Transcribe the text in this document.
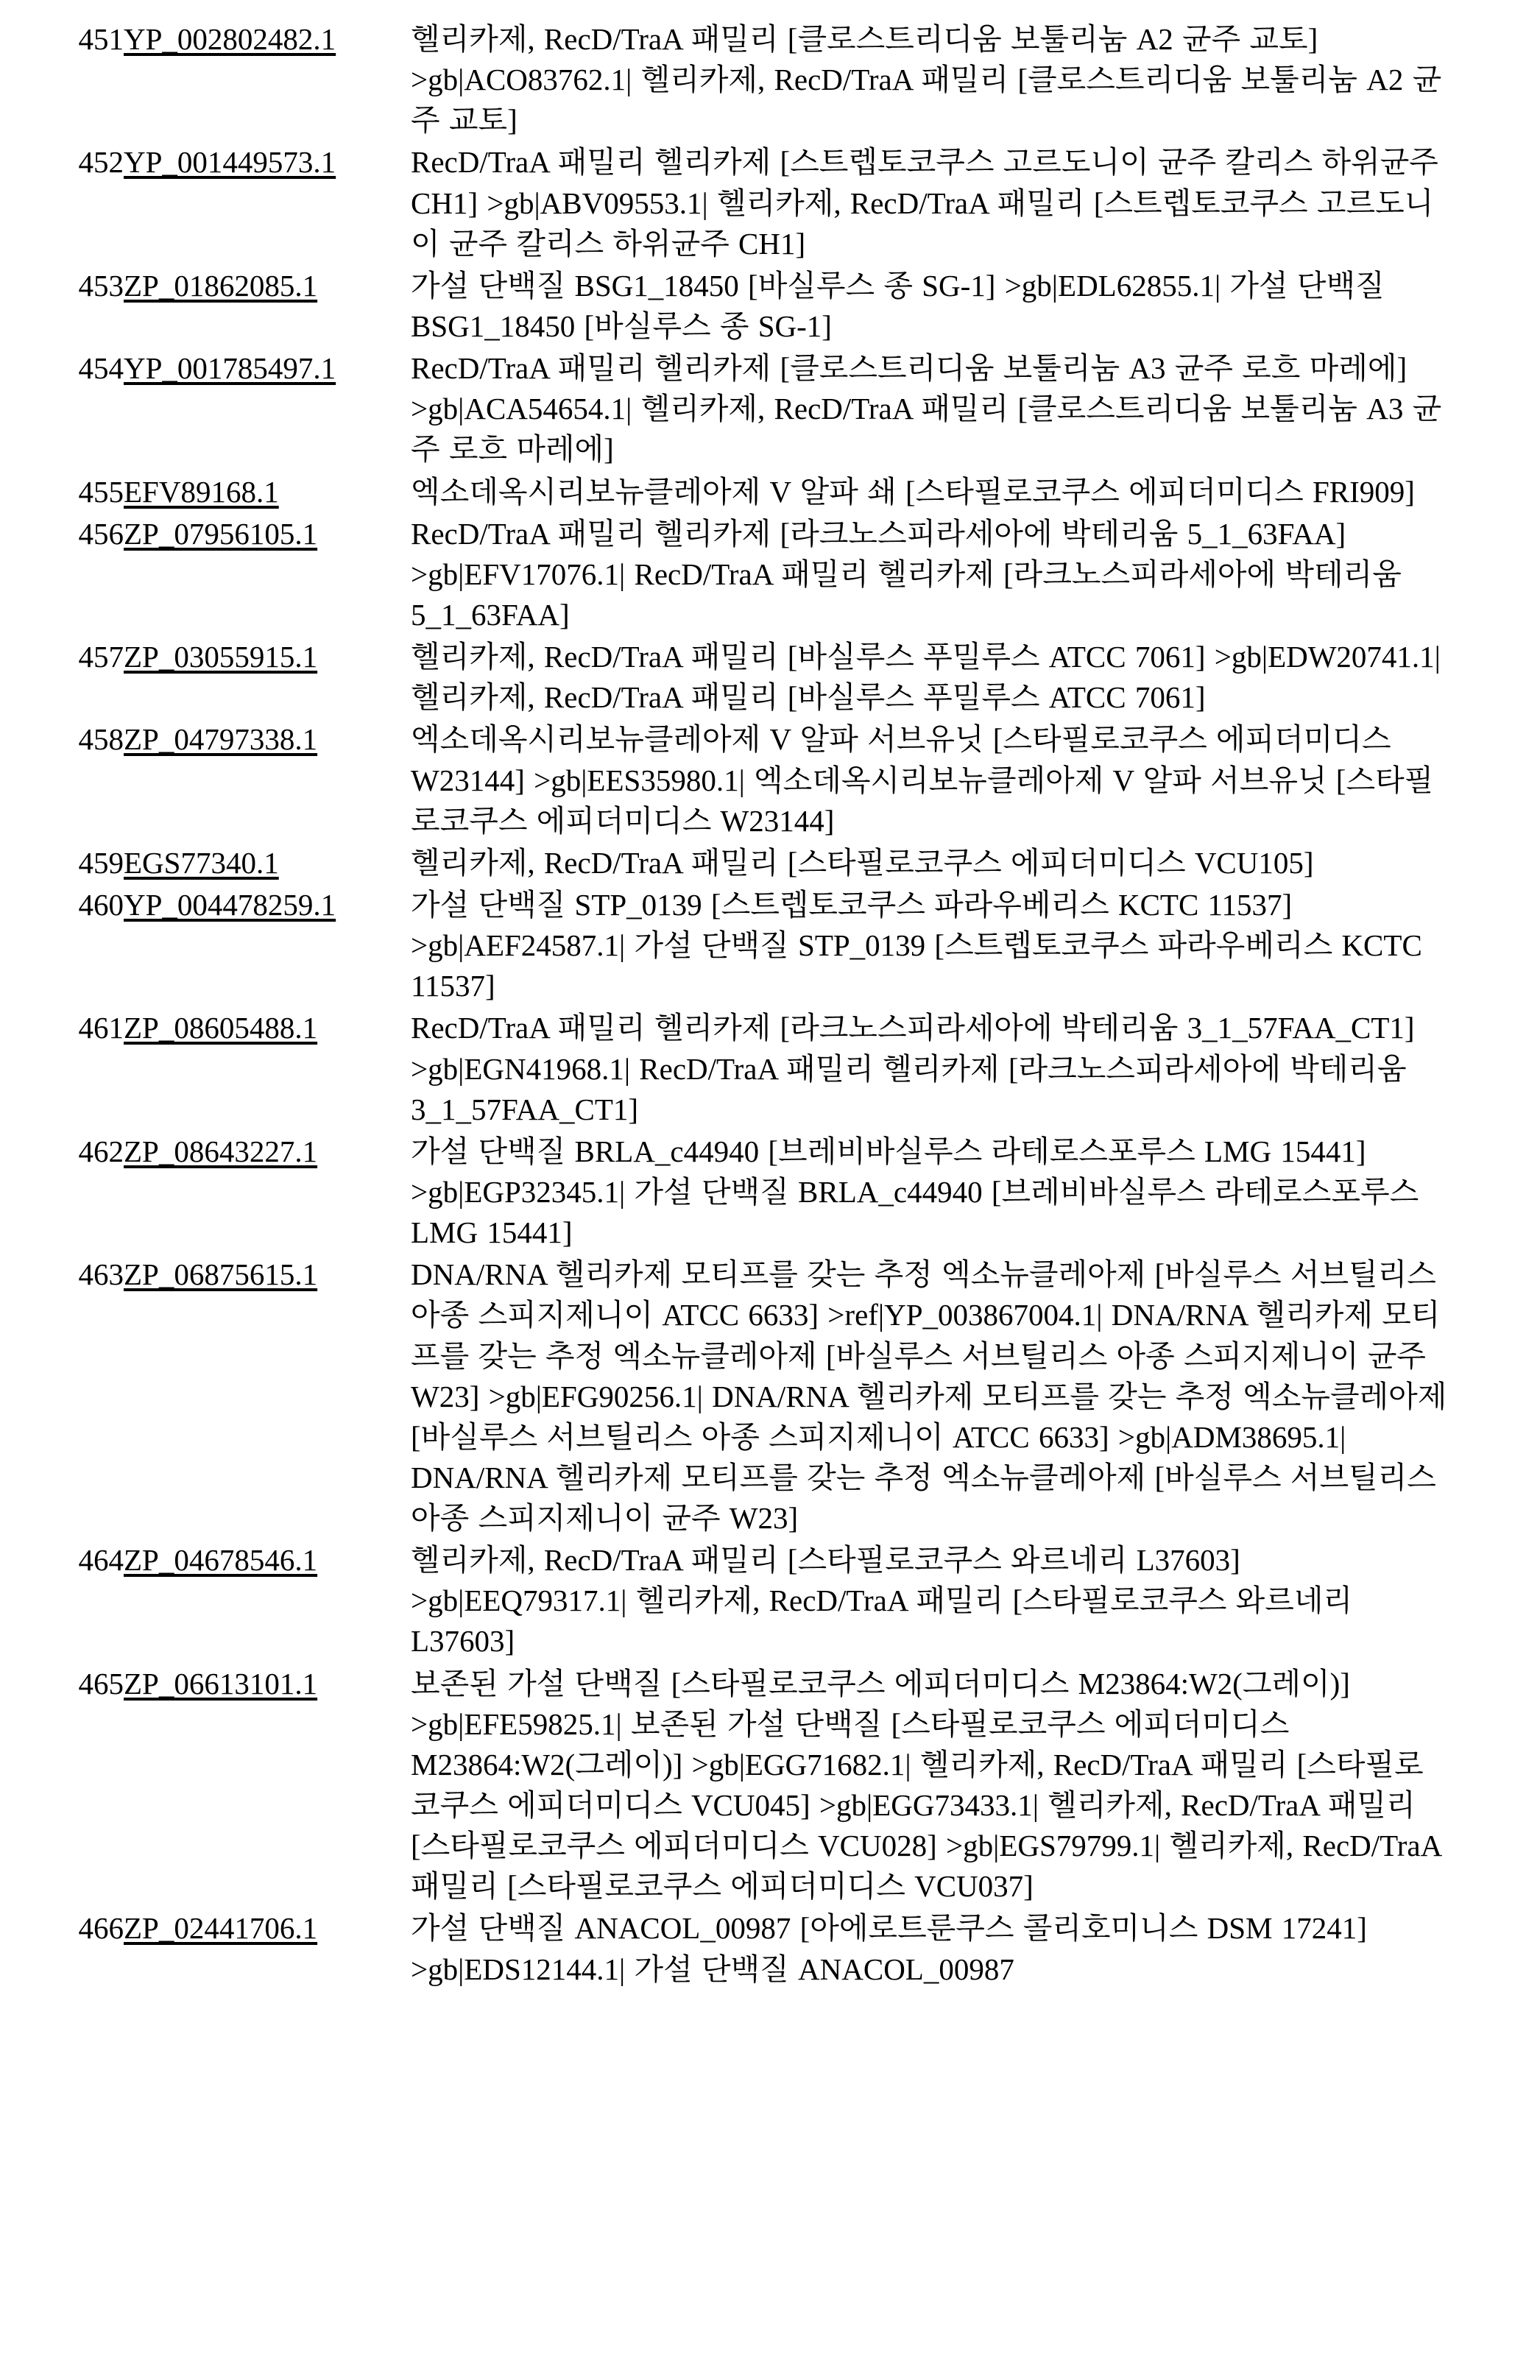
451	YP_002802482.1	헬리카제, RecD/TraA 패밀리 [클로스트리디움 보툴리눔 A2 균주 교토] >gb|ACO83762.1| 헬리카제, RecD/TraA 패밀리 [클로스트리디움 보툴리눔 A2 균주 교토]
452	YP_001449573.1	RecD/TraA 패밀리 헬리카제 [스트렙토코쿠스 고르도니이 균주 칼리스 하위균주 CH1] >gb|ABV09553.1| 헬리카제, RecD/TraA 패밀리 [스트렙토코쿠스 고르도니이 균주 칼리스 하위균주 CH1]
453	ZP_01862085.1	가설 단백질 BSG1_18450 [바실루스 종 SG-1] >gb|EDL62855.1| 가설 단백질 BSG1_18450 [바실루스 종 SG-1]
454	YP_001785497.1	RecD/TraA 패밀리 헬리카제 [클로스트리디움 보툴리눔 A3 균주 로흐 마레에] >gb|ACA54654.1| 헬리카제, RecD/TraA 패밀리 [클로스트리디움 보툴리눔 A3 균주 로흐 마레에]
455	EFV89168.1	엑소데옥시리보뉴클레아제 V 알파 쇄 [스타필로코쿠스 에피더미디스 FRI909]
456	ZP_07956105.1	RecD/TraA 패밀리 헬리카제 [라크노스피라세아에 박테리움 5_1_63FAA] >gb|EFV17076.1| RecD/TraA 패밀리 헬리카제 [라크노스피라세아에 박테리움 5_1_63FAA]
457	ZP_03055915.1	헬리카제, RecD/TraA 패밀리 [바실루스 푸밀루스 ATCC 7061] >gb|EDW20741.1| 헬리카제, RecD/TraA 패밀리 [바실루스 푸밀루스 ATCC 7061]
458	ZP_04797338.1	엑소데옥시리보뉴클레아제 V 알파 서브유닛 [스타필로코쿠스 에피더미디스 W23144] >gb|EES35980.1| 엑소데옥시리보뉴클레아제 V 알파 서브유닛 [스타필로코쿠스 에피더미디스 W23144]
459	EGS77340.1	헬리카제, RecD/TraA 패밀리 [스타필로코쿠스 에피더미디스 VCU105]
460	YP_004478259.1	가설 단백질 STP_0139 [스트렙토코쿠스 파라우베리스 KCTC 11537] >gb|AEF24587.1| 가설 단백질 STP_0139 [스트렙토코쿠스 파라우베리스 KCTC 11537]
461	ZP_08605488.1	RecD/TraA 패밀리 헬리카제 [라크노스피라세아에 박테리움 3_1_57FAA_CT1] >gb|EGN41968.1| RecD/TraA 패밀리 헬리카제 [라크노스피라세아에 박테리움 3_1_57FAA_CT1]
462	ZP_08643227.1	가설 단백질 BRLA_c44940 [브레비바실루스 라테로스포루스 LMG 15441] >gb|EGP32345.1| 가설 단백질 BRLA_c44940 [브레비바실루스 라테로스포루스 LMG 15441]
463	ZP_06875615.1	DNA/RNA 헬리카제 모티프를 갖는 추정 엑소뉴클레아제 [바실루스 서브틸리스 아종 스피지제니이 ATCC 6633] >ref|YP_003867004.1| DNA/RNA 헬리카제 모티프를 갖는 추정 엑소뉴클레아제 [바실루스 서브틸리스 아종 스피지제니이 균주 W23] >gb|EFG90256.1| DNA/RNA 헬리카제 모티프를 갖는 추정 엑소뉴클레아제 [바실루스 서브틸리스 아종 스피지제니이 ATCC 6633] >gb|ADM38695.1| DNA/RNA 헬리카제 모티프를 갖는 추정 엑소뉴클레아제 [바실루스 서브틸리스 아종 스피지제니이 균주 W23]
464	ZP_04678546.1	헬리카제, RecD/TraA 패밀리 [스타필로코쿠스 와르네리 L37603] >gb|EEQ79317.1| 헬리카제, RecD/TraA 패밀리 [스타필로코쿠스 와르네리 L37603]
465	ZP_06613101.1	보존된 가설 단백질 [스타필로코쿠스 에피더미디스 M23864:W2(그레이)] >gb|EFE59825.1| 보존된 가설 단백질 [스타필로코쿠스 에피더미디스 M23864:W2(그레이)] >gb|EGG71682.1| 헬리카제, RecD/TraA 패밀리 [스타필로코쿠스 에피더미디스 VCU045] >gb|EGG73433.1| 헬리카제, RecD/TraA 패밀리 [스타필로코쿠스 에피더미디스 VCU028] >gb|EGS79799.1| 헬리카제, RecD/TraA 패밀리 [스타필로코쿠스 에피더미디스 VCU037]
466	ZP_02441706.1	가설 단백질 ANACOL_00987 [아에로트룬쿠스 콜리호미니스 DSM 17241] >gb|EDS12144.1| 가설 단백질 ANACOL_00987
